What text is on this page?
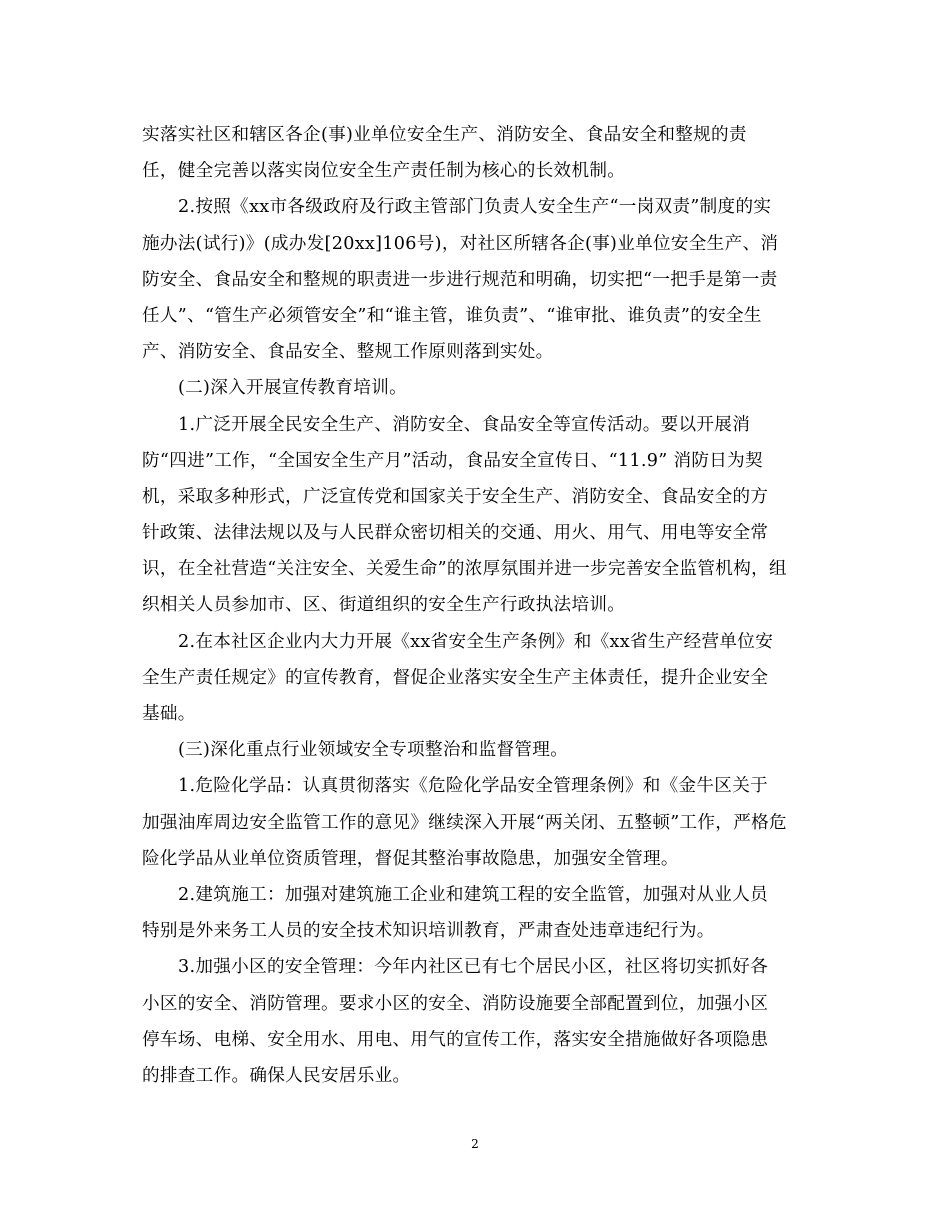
实落实社区和辖区各企(事)业单位安全生产、消防安全、食品安全和整规的责
任，健全完善以落实岗位安全生产责任制为核心的长效机制。
2.按照《xx市各级政府及行政主管部门负责人安全生产“一岗双责”制度的实
施办法(试行)》(成办发[20xx]106号)，对社区所辖各企(事)业单位安全生产、消
防安全、食品安全和整规的职责进一步进行规范和明确，切实把“一把手是第一责
任人”、“管生产必须管安全”和“谁主管，谁负责”、“谁审批、谁负责”的安全生
产、消防安全、食品安全、整规工作原则落到实处。
(二)深入开展宣传教育培训。
1.广泛开展全民安全生产、消防安全、食品安全等宣传活动。要以开展消
防“四进”工作，“全国安全生产月”活动，食品安全宣传日、“11.9” 消防日为契
机，采取多种形式，广泛宣传党和国家关于安全生产、消防安全、食品安全的方
针政策、法律法规以及与人民群众密切相关的交通、用火、用气、用电等安全常
识，在全社营造“关注安全、关爱生命”的浓厚氛围并进一步完善安全监管机构，组
织相关人员参加市、区、街道组织的安全生产行政执法培训。
2.在本社区企业内大力开展《xx省安全生产条例》和《xx省生产经营单位安
全生产责任规定》的宣传教育，督促企业落实安全生产主体责任，提升企业安全
基础。
(三)深化重点行业领域安全专项整治和监督管理。
1.危险化学品：认真贯彻落实《危险化学品安全管理条例》和《金牛区关于
加强油库周边安全监管工作的意见》继续深入开展“两关闭、五整顿”工作，严格危
险化学品从业单位资质管理，督促其整治事故隐患，加强安全管理。
2.建筑施工：加强对建筑施工企业和建筑工程的安全监管，加强对从业人员
特别是外来务工人员的安全技术知识培训教育，严肃查处违章违纪行为。
3.加强小区的安全管理：今年内社区已有七个居民小区，社区将切实抓好各
小区的安全、消防管理。要求小区的安全、消防设施要全部配置到位，加强小区
停车场、电梯、安全用水、用电、用气的宣传工作，落实安全措施做好各项隐患
的排查工作。确保人民安居乐业。
2
